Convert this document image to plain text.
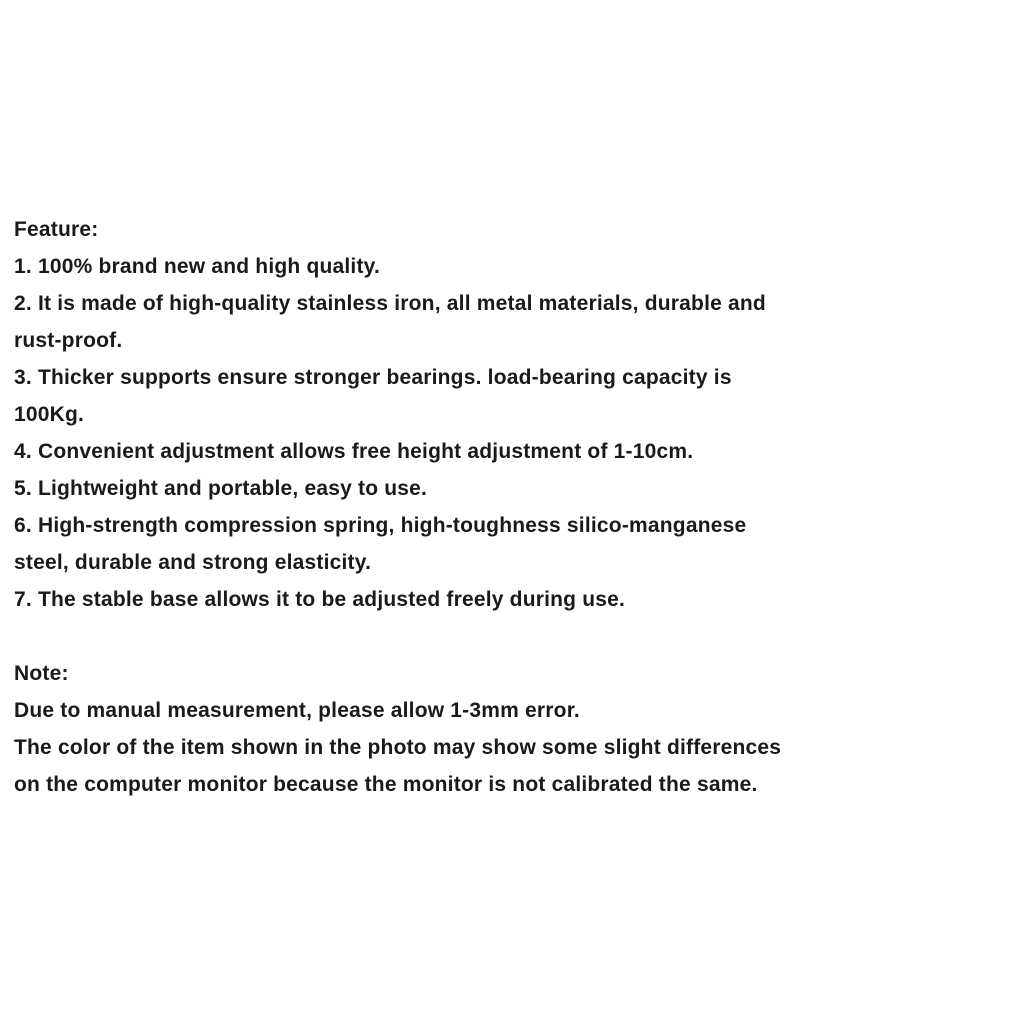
Feature:
1. 100% brand new and high quality.
2. It is made of high-quality stainless iron, all metal materials, durable and
rust-proof.
3. Thicker supports ensure stronger bearings. load-bearing capacity is
100Kg.
4. Convenient adjustment allows free height adjustment of 1-10cm.
5. Lightweight and portable, easy to use.
6. High-strength compression spring, high-toughness silico-manganese
steel, durable and strong elasticity.
7. The stable base allows it to be adjusted freely during use.
Note:
Due to manual measurement, please allow 1-3mm error.
The color of the item shown in the photo may show some slight differences
on the computer monitor because the monitor is not calibrated the same.
